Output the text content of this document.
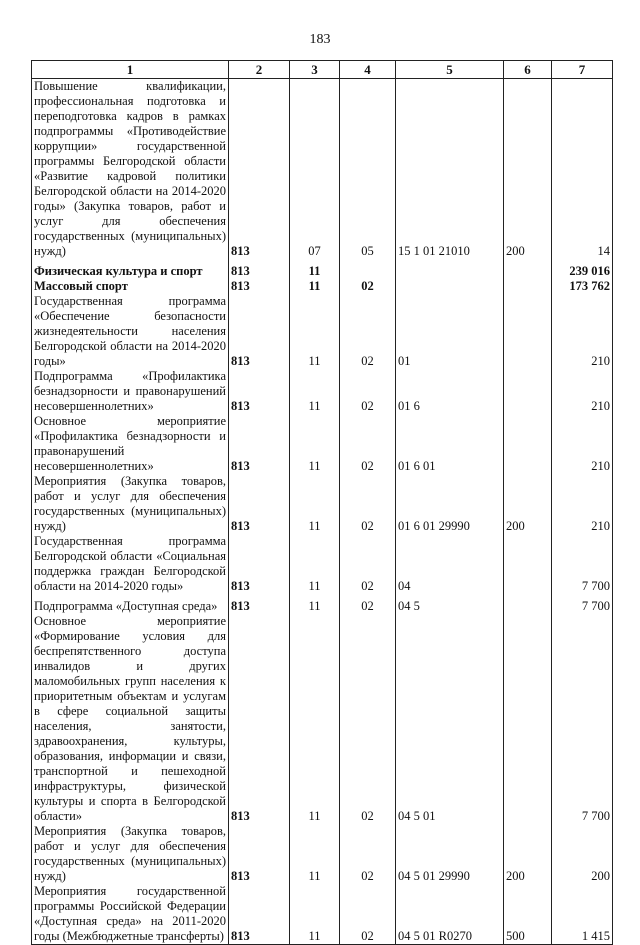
183
1	2	3	4	5	6	7
Повышение квалификации, профессиональная подготовка и переподготовка кадров в рамках подпрограммы «Противодействие коррупции» государственной программы Белгородской области «Развитие кадровой политики Белгородской области на 2014-2020 годы» (Закупка товаров, работ и услуг для обеспечения государственных (муниципальных) нужд)	813	07	05	15 1 01 21010	200	14
Физическая культура и спорт	813	11				239 016
Массовый спорт	813	11	02			173 762
Государственная программа «Обеспечение безопасности жизнедеятельности населения Белгородской области на 2014-2020 годы»	813	11	02	01		210
Подпрограмма «Профилактика безнадзорности и правонарушений несовершеннолетних»	813	11	02	01 6		210
Основное мероприятие «Профилактика безнадзорности и правонарушений несовершеннолетних»	813	11	02	01 6 01		210
Мероприятия (Закупка товаров, работ и услуг для обеспечения государственных (муниципальных) нужд)	813	11	02	01 6 01 29990	200	210
Государственная программа Белгородской области «Социальная поддержка граждан Белгородской области на 2014-2020 годы»	813	11	02	04		7 700
Подпрограмма «Доступная среда»	813	11	02	04 5		7 700
Основное мероприятие «Формирование условия для беспрепятственного доступа инвалидов и других маломобильных групп населения к приоритетным объектам и услугам в сфере социальной защиты населения, занятости, здравоохранения, культуры, образования, информации и связи, транспортной и пешеходной инфраструктуры, физической культуры и спорта в Белгородской области»	813	11	02	04 5 01		7 700
Мероприятия (Закупка товаров, работ и услуг для обеспечения государственных (муниципальных) нужд)	813	11	02	04 5 01 29990	200	200
Мероприятия государственной программы Российской Федерации «Доступная среда» на 2011-2020 годы (Межбюджетные трансферты)	813	11	02	04 5 01 R0270	500	1 415
